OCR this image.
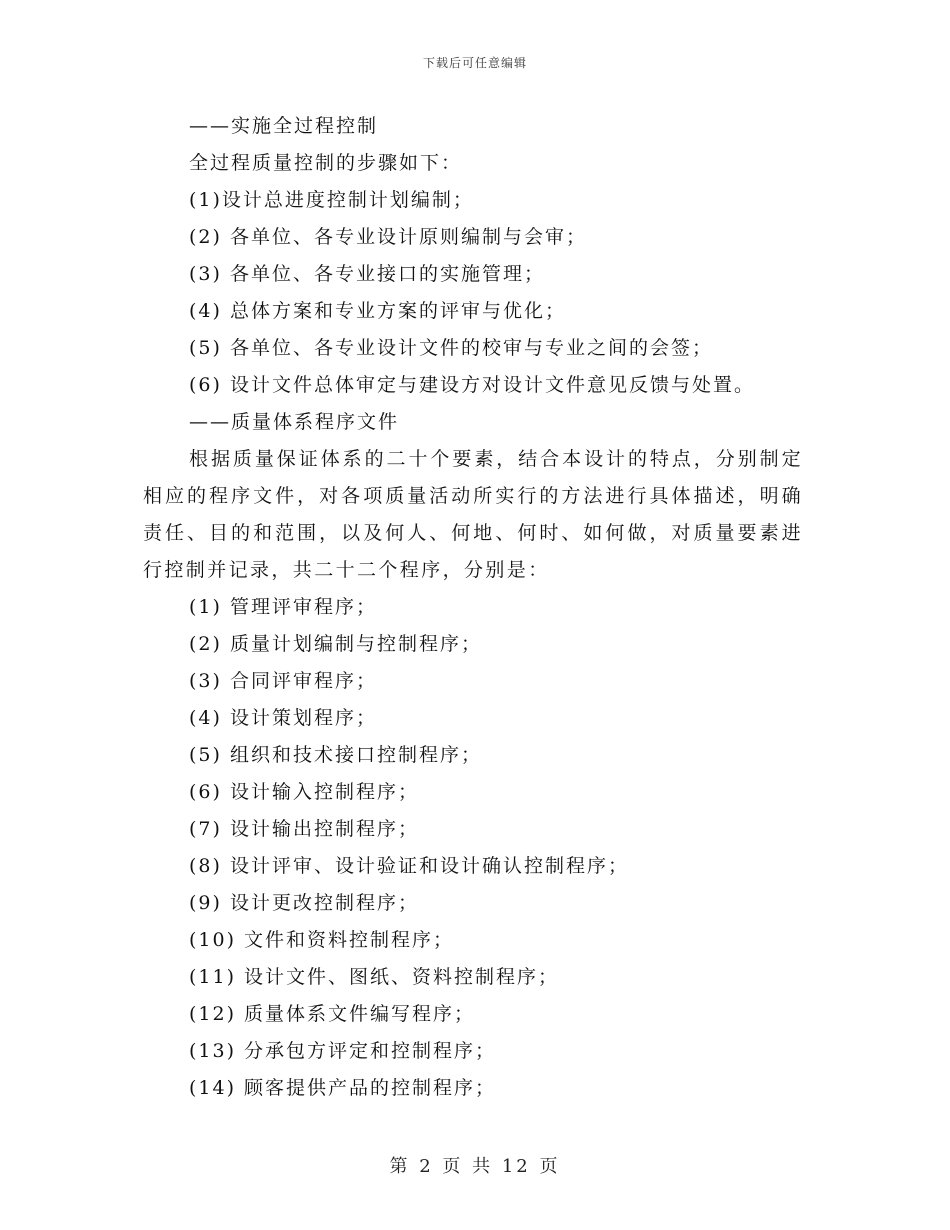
下载后可任意编辑
——实施全过程控制
全过程质量控制的步骤如下：
(1)设计总进度控制计划编制；
(2) 各单位、各专业设计原则编制与会审；
(3) 各单位、各专业接口的实施管理；
(4) 总体方案和专业方案的评审与优化；
(5) 各单位、各专业设计文件的校审与专业之间的会签；
(6) 设计文件总体审定与建设方对设计文件意见反馈与处置。
——质量体系程序文件
根据质量保证体系的二十个要素，结合本设计的特点，分别制定相应的程序文件，对各项质量活动所实行的方法进行具体描述，明确责任、目的和范围，以及何人、何地、何时、如何做，对质量要素进行控制并记录，共二十二个程序，分别是：
(1) 管理评审程序；
(2) 质量计划编制与控制程序；
(3) 合同评审程序；
(4) 设计策划程序；
(5) 组织和技术接口控制程序；
(6) 设计输入控制程序；
(7) 设计输出控制程序；
(8) 设计评审、设计验证和设计确认控制程序；
(9) 设计更改控制程序；
(10) 文件和资料控制程序；
(11) 设计文件、图纸、资料控制程序；
(12) 质量体系文件编写程序；
(13) 分承包方评定和控制程序；
(14) 顾客提供产品的控制程序；
第 2 页 共 12 页
